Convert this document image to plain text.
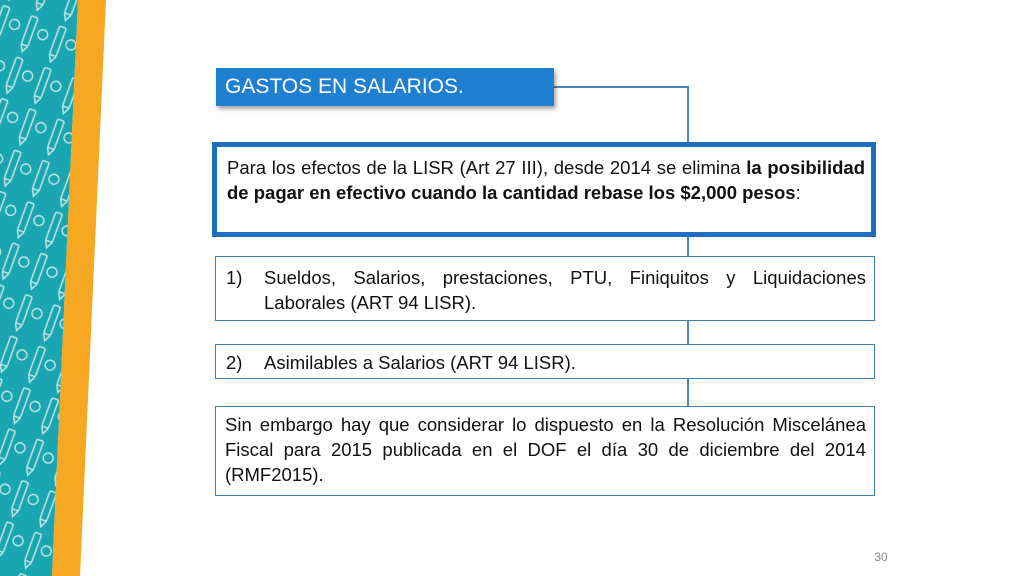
GASTOS EN SALARIOS.
Para los efectos de la LISR (Art 27 III), desde 2014 se elimina la posibilidad de pagar en efectivo cuando la cantidad rebase los $2,000 pesos:
1)	Sueldos, Salarios, prestaciones, PTU, Finiquitos y Liquidaciones Laborales (ART 94 LISR).
2)	Asimilables a Salarios (ART 94 LISR).
Sin embargo hay que considerar lo dispuesto en la Resolución Miscelánea Fiscal para 2015 publicada en el DOF el día 30 de diciembre del 2014 (RMF2015).
30
